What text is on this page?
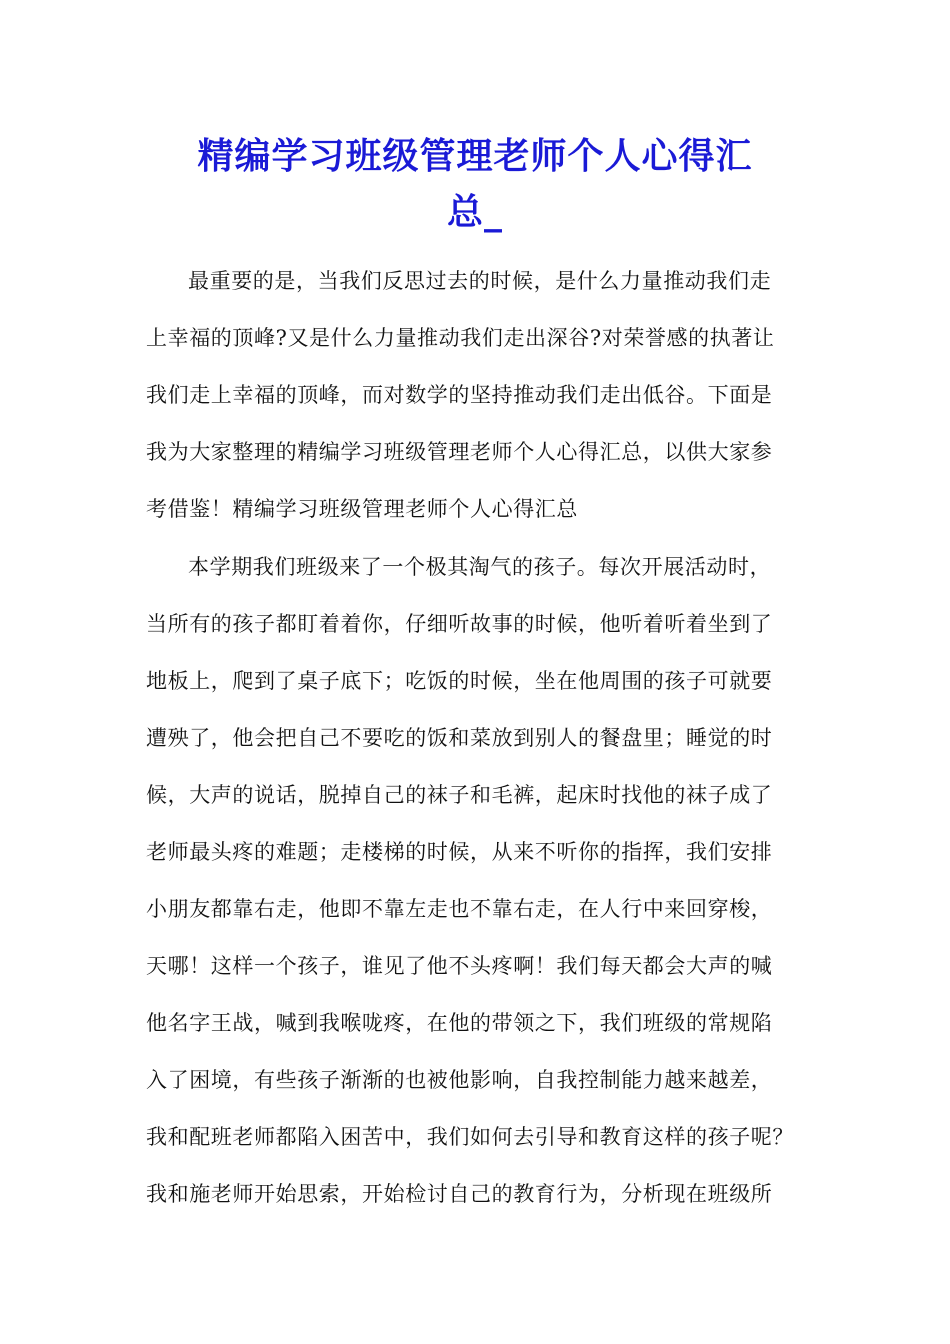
精编学习班级管理老师个人心得汇
总_
最重要的是，当我们反思过去的时候，是什么力量推动我们走
上幸福的顶峰?又是什么力量推动我们走出深谷?对荣誉感的执著让
我们走上幸福的顶峰，而对数学的坚持推动我们走出低谷。下面是
我为大家整理的精编学习班级管理老师个人心得汇总，以供大家参
考借鉴！精编学习班级管理老师个人心得汇总
本学期我们班级来了一个极其淘气的孩子。每次开展活动时，
当所有的孩子都盯着着你，仔细听故事的时候，他听着听着坐到了
地板上，爬到了桌子底下；吃饭的时候，坐在他周围的孩子可就要
遭殃了，他会把自己不要吃的饭和菜放到别人的餐盘里；睡觉的时
候，大声的说话，脱掉自己的袜子和毛裤，起床时找他的袜子成了
老师最头疼的难题；走楼梯的时候，从来不听你的指挥，我们安排
小朋友都靠右走，他即不靠左走也不靠右走，在人行中来回穿梭，
天哪！这样一个孩子，谁见了他不头疼啊！我们每天都会大声的喊
他名字王战，喊到我喉咙疼，在他的带领之下，我们班级的常规陷
入了困境，有些孩子渐渐的也被他影响，自我控制能力越来越差，
我和配班老师都陷入困苦中，我们如何去引导和教育这样的孩子呢？
我和施老师开始思索，开始检讨自己的教育行为，分析现在班级所
